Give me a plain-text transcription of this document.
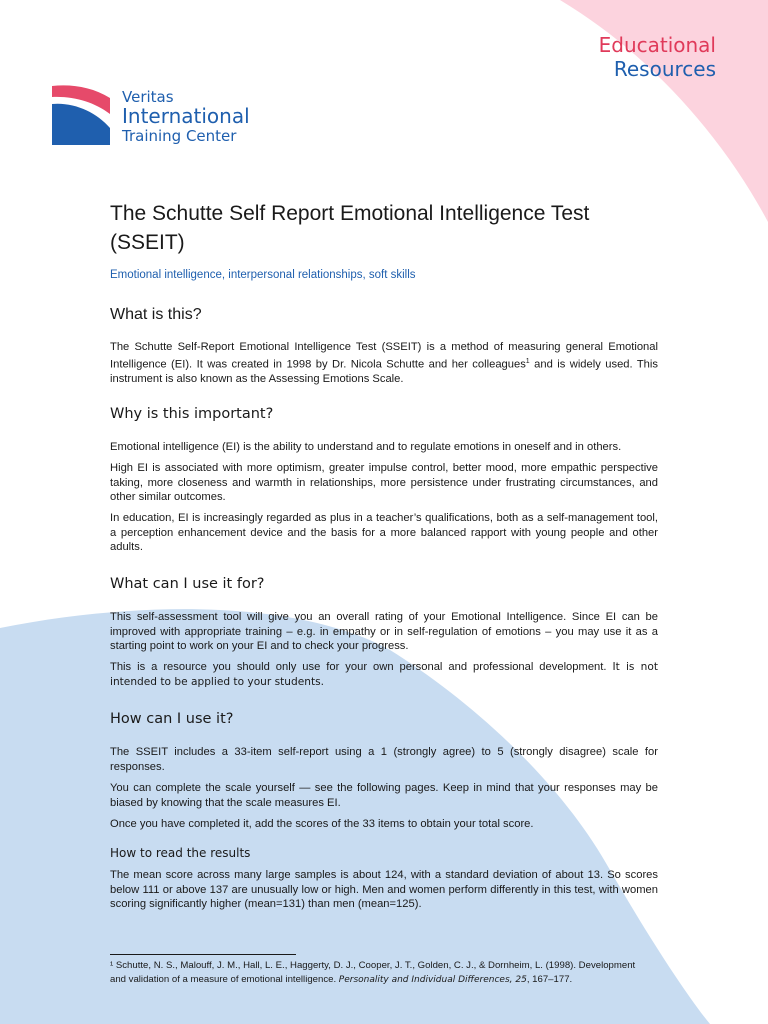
Educational
Resources
Veritas
International
Training Center
The Schutte Self Report Emotional Intelligence Test (SSEIT)
Emotional intelligence, interpersonal relationships, soft skills
What is this?

The Schutte Self-Report Emotional Intelligence Test (SSEIT) is a method of measuring general Emotional Intelligence (EI). It was created in 1998 by Dr. Nicola Schutte and her colleagues$^1$ and is widely used. This instrument is also known as the Assessing Emotions Scale.

Why is this important?

Emotional intelligence (EI) is the ability to understand and to regulate emotions in oneself and in others.

High EI is associated with more optimism, greater impulse control, better mood, more empathic perspective taking, more closeness and warmth in relationships, more persistence under frustrating circumstances, and other similar outcomes.

In education, EI is increasingly regarded as plus in a teacher’s qualifications, both as a self-management tool, a perception enhancement device and the basis for a more balanced rapport with young people and other adults.

What can I use it for?

This self-assessment tool will give you an overall rating of your Emotional Intelligence. Since EI can be improved with appropriate training – e.g. in empathy or in self-regulation of emotions – you may use it as a starting point to work on your EI and to check your progress.

This is a resource you should only use for your own personal and professional development. It is not intended to be applied to your students.

How can I use it?

The SSEIT includes a 33-item self-report using a 1 (strongly agree) to 5 (strongly disagree) scale for responses.

You can complete the scale yourself — see the following pages. Keep in mind that your responses may be biased by knowing that the scale measures EI.

Once you have completed it, add the scores of the 33 items to obtain your total score.

How to read the results

The mean score across many large samples is about 124, with a standard deviation of about 13. So scores below 111 or above 137 are unusually low or high. Men and women perform differently in this test, with women scoring significantly higher (mean=131) than men (mean=125).

¹ Schutte, N. S., Malouff, J. M., Hall, L. E., Haggerty, D. J., Cooper, J. T., Golden, C. J., & Dornheim, L. (1998). Development and validation of a measure of emotional intelligence. Personality and Individual Differences, 25, 167–177.
